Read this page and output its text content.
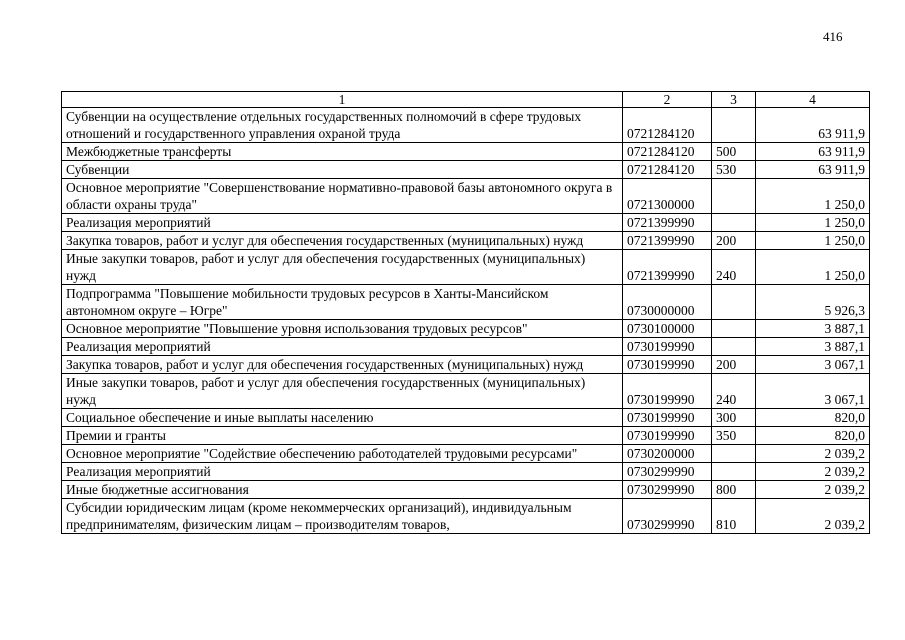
416
1	2	3	4
Субвенции на осуществление отдельных государственных полномочий в сфере трудовых отношений и государственного управления охраной труда	0721284120		63 911,9
Межбюджетные трансферты	0721284120	500	63 911,9
Субвенции	0721284120	530	63 911,9
Основное мероприятие "Совершенствование нормативно-правовой базы автономного округа в области охраны труда"	0721300000		1 250,0
Реализация мероприятий	0721399990		1 250,0
Закупка товаров, работ и услуг для обеспечения государственных (муниципальных) нужд	0721399990	200	1 250,0
Иные закупки товаров, работ и услуг для обеспечения государственных (муниципальных) нужд	0721399990	240	1 250,0
Подпрограмма "Повышение мобильности трудовых ресурсов в Ханты-Мансийском автономном округе – Югре"	0730000000		5 926,3
Основное мероприятие "Повышение уровня использования трудовых ресурсов"	0730100000		3 887,1
Реализация мероприятий	0730199990		3 887,1
Закупка товаров, работ и услуг для обеспечения государственных (муниципальных) нужд	0730199990	200	3 067,1
Иные закупки товаров, работ и услуг для обеспечения государственных (муниципальных) нужд	0730199990	240	3 067,1
Социальное обеспечение и иные выплаты населению	0730199990	300	820,0
Премии и гранты	0730199990	350	820,0
Основное мероприятие "Содействие обеспечению работодателей трудовыми ресурсами"	0730200000		2 039,2
Реализация мероприятий	0730299990		2 039,2
Иные бюджетные ассигнования	0730299990	800	2 039,2
Субсидии юридическим лицам (кроме некоммерческих организаций), индивидуальным предпринимателям, физическим лицам – производителям товаров,	0730299990	810	2 039,2
